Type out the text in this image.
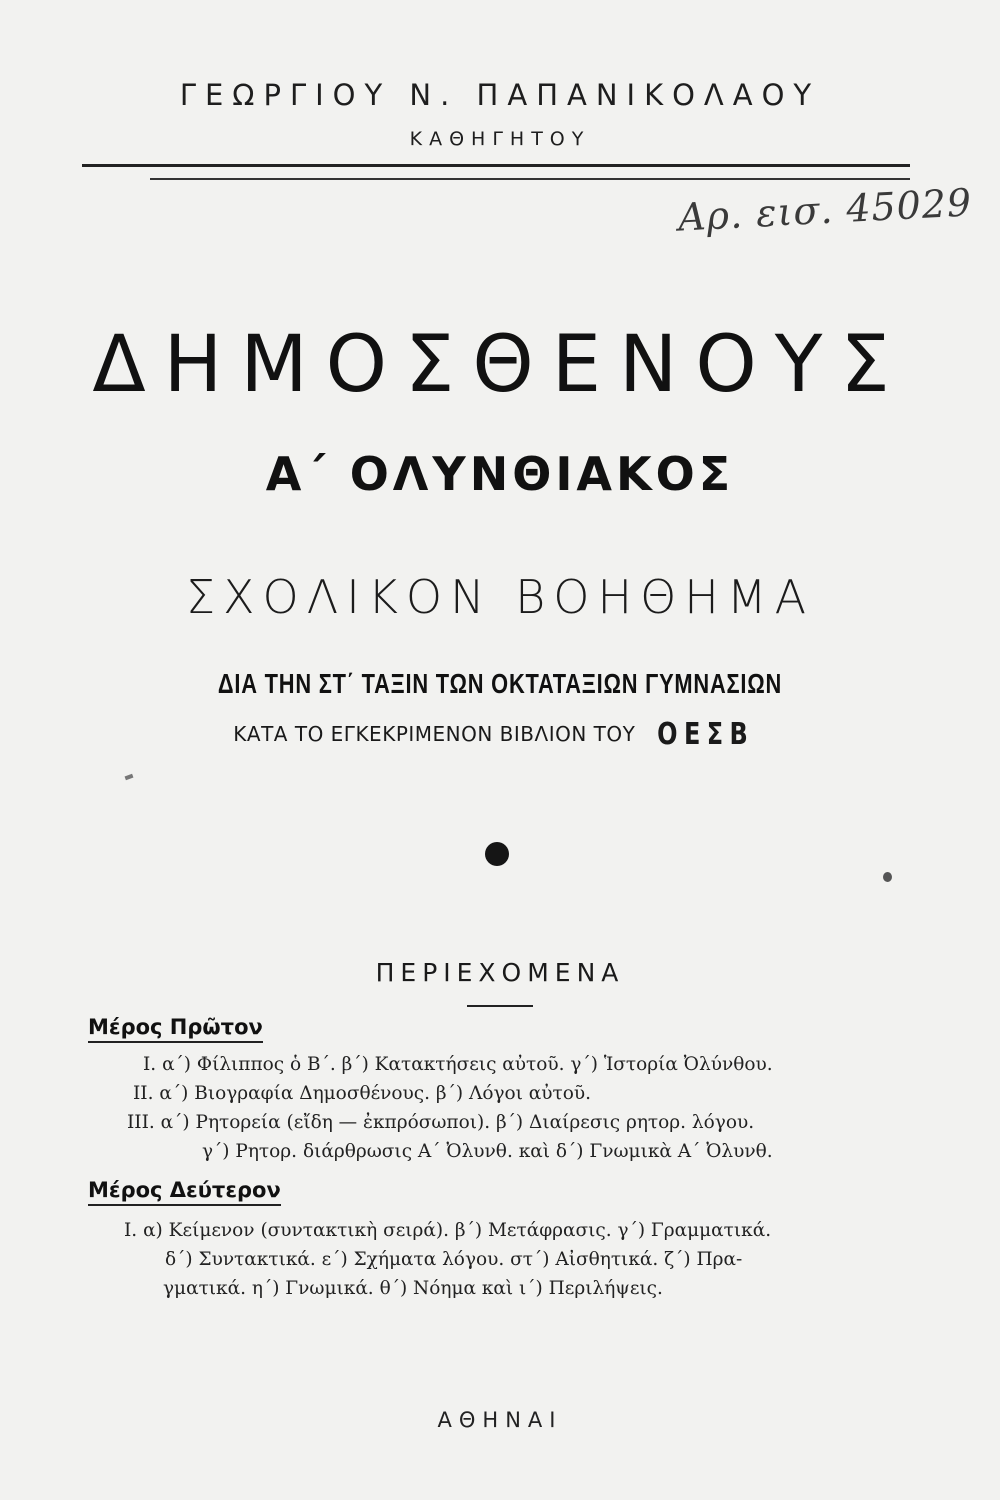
ΓΕΩΡΓΙΟΥ Ν. ΠΑΠΑΝΙΚΟΛΑΟΥ
ΚΑΘΗΓΗΤΟΥ
Αρ. εισ. 45029
ΔΗΜΟΣΘΕΝΟΥΣ
Α΄ ΟΛΥΝΘΙΑΚΟΣ
ΣΧΟΛΙΚΟΝ ΒΟΗΘΗΜΑ
ΔΙΑ ΤΗΝ ΣΤ΄ ΤΑΞΙΝ ΤΩΝ ΟΚΤΑΤΑΞΙΩΝ ΓΥΜΝΑΣΙΩΝ
ΚΑΤΑ ΤΟ ΕΓΚΕΚΡΙΜΕΝΟΝ ΒΙΒΛΙΟΝ ΤΟΥ ΟΕΣΒ
ΠΕΡΙΕΧΟΜΕΝΑ
Μέρος Πρῶτον
I. α΄) Φίλιππος ὁ Β΄. β΄) Κατακτήσεις αὐτοῦ. γ΄) Ἱστορία Ὀλύνθου.
II. α΄) Βιογραφία Δημοσθένους. β΄) Λόγοι αὐτοῦ.
III. α΄) Ρητορεία (εἴδη — ἐκπρόσωποι). β΄) Διαίρεσις ρητορ. λόγου.
γ΄) Ρητορ. διάρθρωσις Α΄ Ὀλυνθ. καὶ δ΄) Γνωμικὰ Α΄ Ὀλυνθ.
Μέρος Δεύτερον
I. α) Κείμενον (συντακτικὴ σειρά). β΄) Μετάφρασις. γ΄) Γραμματικά.
δ΄) Συντακτικά. ε΄) Σχήματα λόγου. στ΄) Αἰσθητικά. ζ΄) Πρα-
γματικά. η΄) Γνωμικά. θ΄) Νόημα καὶ ι΄) Περιλήψεις.
ΑΘΗΝΑΙ
